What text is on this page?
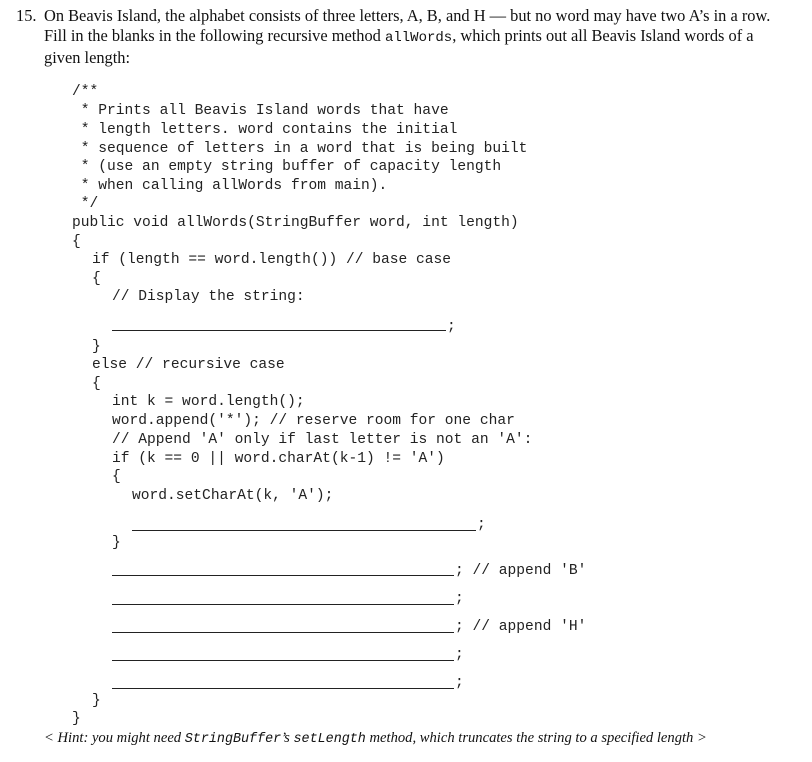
15. On Beavis Island, the alphabet consists of three letters, A, B, and H — but no word may have two A’s in a row. Fill in the blanks in the following recursive method allWords, which prints out all Beavis Island words of a given length:
/**
* Prints all Beavis Island words that have
* length letters. word contains the initial
* sequence of letters in a word that is being built
* (use an empty string buffer of capacity length
* when calling allWords from main).
*/
public void allWords(StringBuffer word, int length)
{
if (length == word.length()) // base case
{
// Display the string:
;
}
else // recursive case
{
int k = word.length();
word.append('*'); // reserve room for one char
// Append 'A' only if last letter is not an 'A':
if (k == 0 || word.charAt(k-1) != 'A')
{
word.setCharAt(k, 'A');
;
}
; // append 'B'
;
; // append 'H'
;
;
}
}
< Hint: you might need StringBuffer’s setLength method, which truncates the string to a specified length >
